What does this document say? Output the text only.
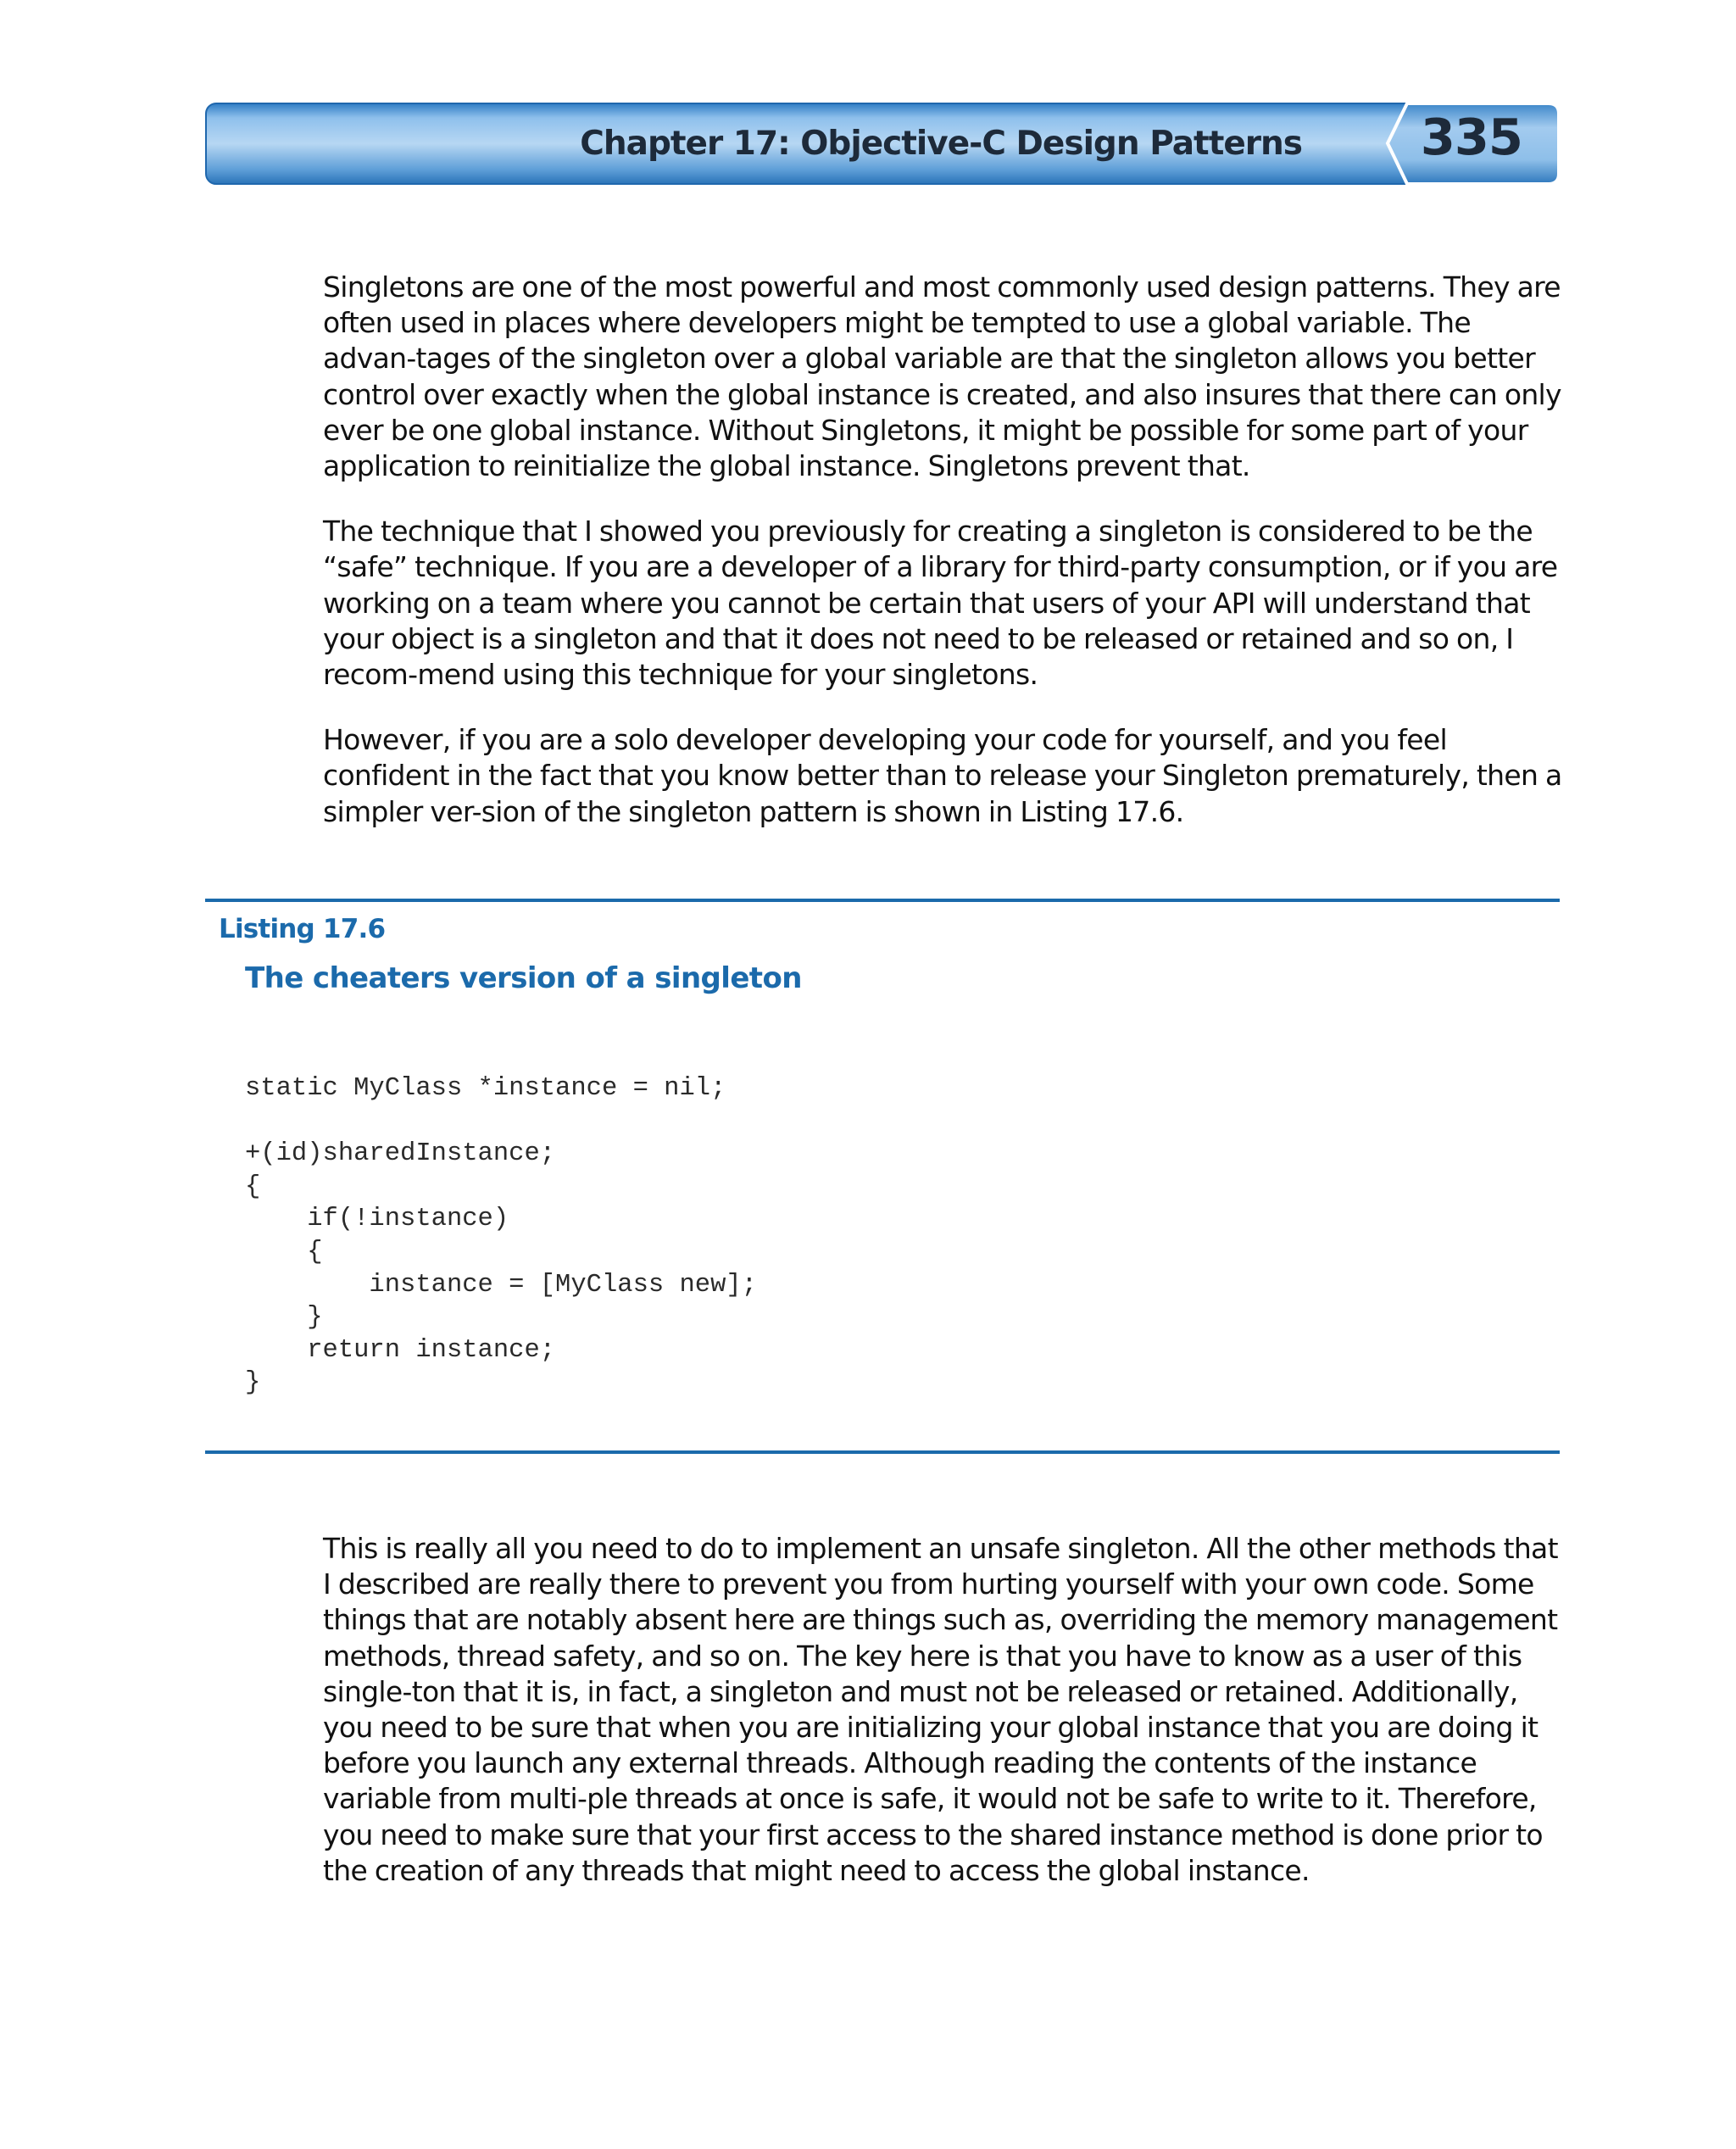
Chapter 17: Objective-C Design Patterns 335

Singletons are one of the most powerful and most commonly used design patterns. They are often used in places where developers might be tempted to use a global variable. The advan-tages of the singleton over a global variable are that the singleton allows you better control over exactly when the global instance is created, and also insures that there can only ever be one global instance. Without Singletons, it might be possible for some part of your application to reinitialize the global instance. Singletons prevent that.

The technique that I showed you previously for creating a singleton is considered to be the “safe” technique. If you are a developer of a library for third-party consumption, or if you are working on a team where you cannot be certain that users of your API will understand that your object is a singleton and that it does not need to be released or retained and so on, I recom-mend using this technique for your singletons.

However, if you are a solo developer developing your code for yourself, and you feel confident in the fact that you know better than to release your Singleton prematurely, then a simpler ver-sion of the singleton pattern is shown in Listing 17.6.

Listing 17.6
The cheaters version of a singleton
static MyClass *instance = nil;
+(id)sharedInstance;
{
if(!instance)
{
instance = [MyClass new];
}
return instance;
}

This is really all you need to do to implement an unsafe singleton. All the other methods that I described are really there to prevent you from hurting yourself with your own code. Some things that are notably absent here are things such as, overriding the memory management methods, thread safety, and so on. The key here is that you have to know as a user of this single-ton that it is, in fact, a singleton and must not be released or retained. Additionally, you need to be sure that when you are initializing your global instance that you are doing it before you launch any external threads. Although reading the contents of the instance variable from multi-ple threads at once is safe, it would not be safe to write to it. Therefore, you need to make sure that your first access to the shared instance method is done prior to the creation of any threads that might need to access the global instance.
